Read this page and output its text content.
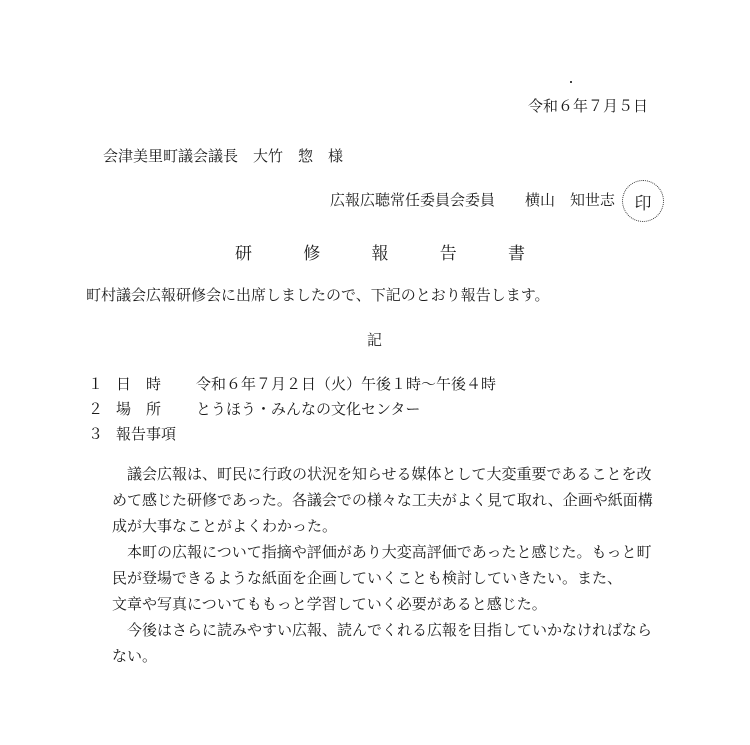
令和６年７月５日
会津美里町議会議長　大竹　惣　様
広報広聴常任委員会委員 横山　知世志 印
研	修	報	告	書
町村議会広報研修会に出席しましたので、下記のとおり報告します。
記
１ 日　時 令和６年７月２日（火）午後１時～午後４時
２ 場　所 とうほう・みんなの文化センター
３ 報告事項
議会広報は、町民に行政の状況を知らせる媒体として大変重要であることを改
めて感じた研修であった。各議会での様々な工夫がよく見て取れ、企画や紙面構
成が大事なことがよくわかった。
本町の広報について指摘や評価があり大変高評価であったと感じた。もっと町
民が登場できるような紙面を企画していくことも検討していきたい。また、
文章や写真についてももっと学習していく必要があると感じた。
今後はさらに読みやすい広報、読んでくれる広報を目指していかなければなら
ない。
